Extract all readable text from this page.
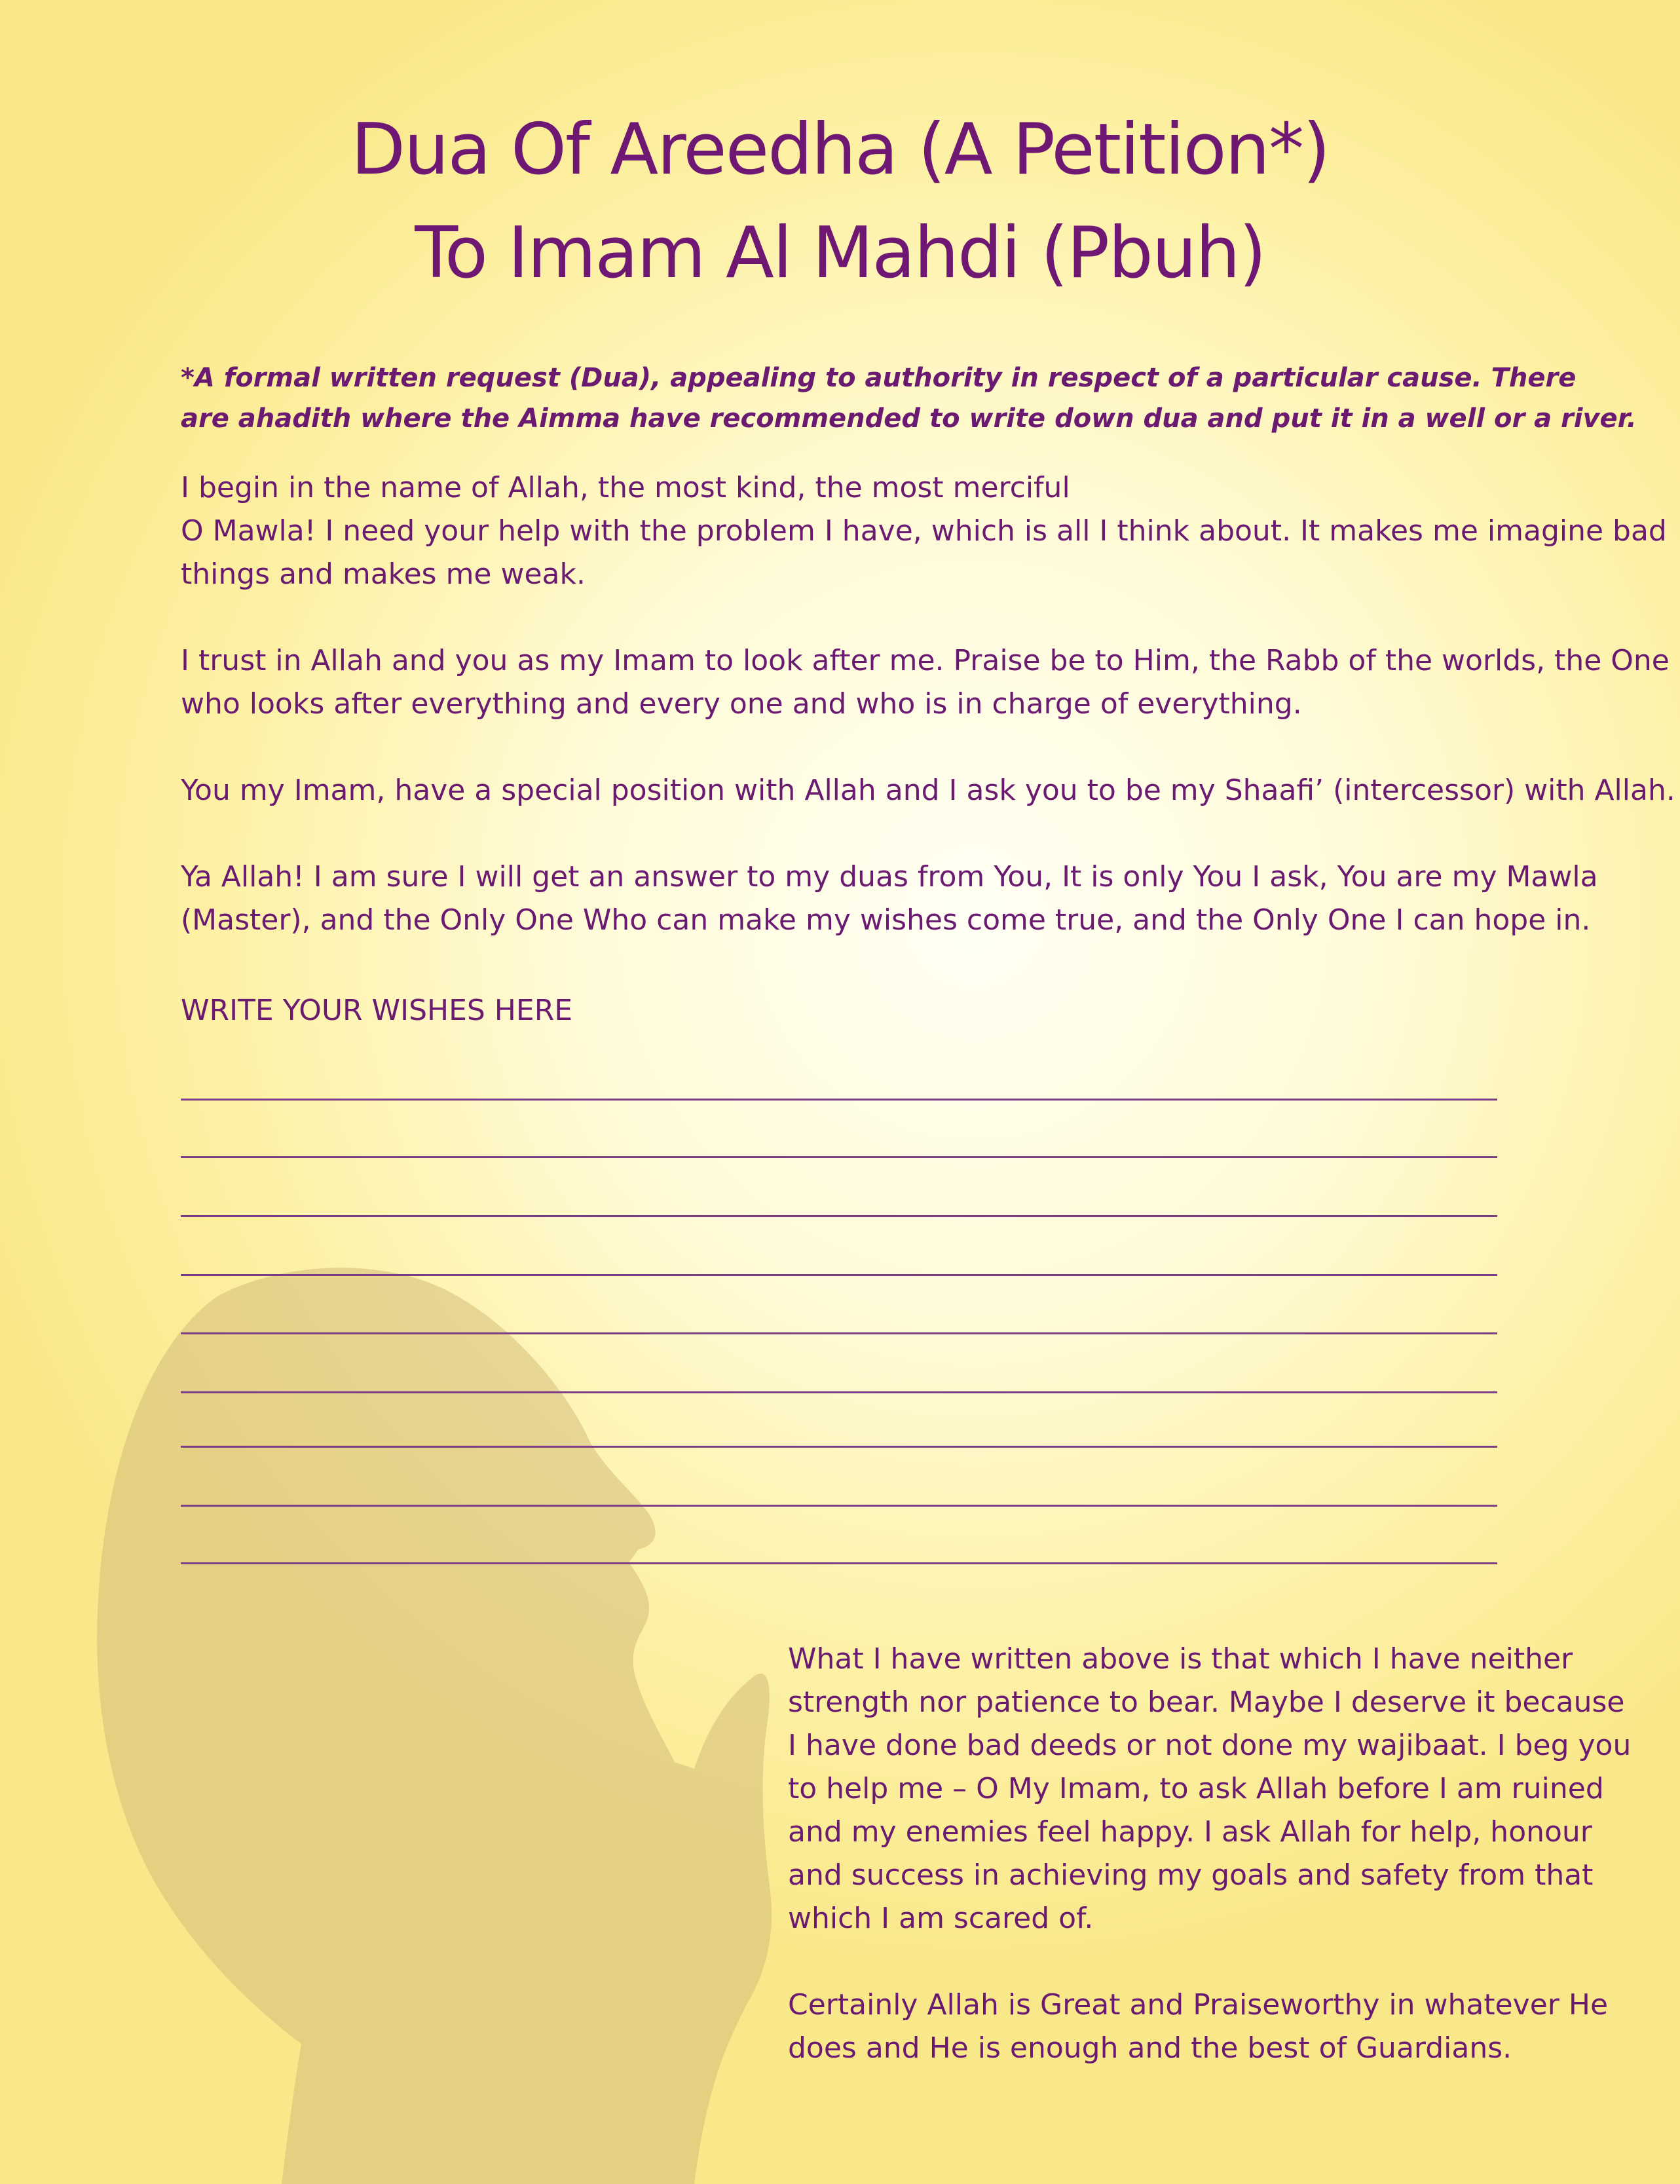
Dua Of Areedha (A Petition*)
To Imam Al Mahdi (Pbuh)
*A formal written request (Dua), appealing to authority in respect of a particular cause. There
are ahadith where the Aimma have recommended to write down dua and put it in a well or a river.
I begin in the name of Allah, the most kind, the most merciful
O Mawla! I need your help with the problem I have, which is all I think about. It makes me imagine bad
things and makes me weak.
I trust in Allah and you as my Imam to look after me. Praise be to Him, the Rabb of the worlds, the One
who looks after everything and every one and who is in charge of everything.
You my Imam, have a special position with Allah and I ask you to be my Shaafi’ (intercessor) with Allah.
Ya Allah! I am sure I will get an answer to my duas from You, It is only You I ask, You are my Mawla
(Master), and the Only One Who can make my wishes come true, and the Only One I can hope in.
WRITE YOUR WISHES HERE
What I have written above is that which I have neither
strength nor patience to bear. Maybe I deserve it because
I have done bad deeds or not done my wajibaat. I beg you
to help me – O My Imam, to ask Allah before I am ruined
and my enemies feel happy. I ask Allah for help, honour
and success in achieving my goals and safety from that
which I am scared of.
Certainly Allah is Great and Praiseworthy in whatever He
does and He is enough and the best of Guardians.
